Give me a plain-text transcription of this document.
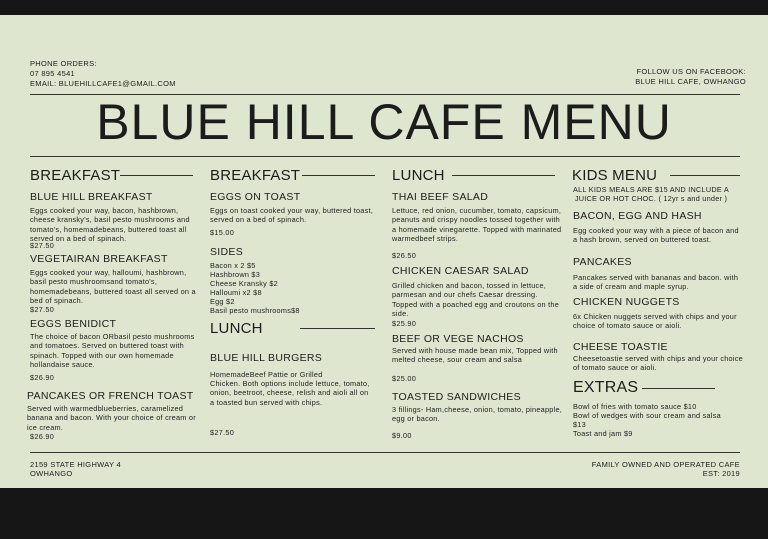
PHONE ORDERS:
07 895 4541
EMAIL: BLUEHILLCAFE1@GMAIL.COM
FOLLOW US ON FACEBOOK:
BLUE HILL CAFE, OWHANGO
BLUE HILL CAFE MENU
BREAKFAST
BLUE HILL BREAKFAST
Eggs cooked your way, bacon, hashbrown, cheese kransky's, basil pesto mushrooms and tomato's, homemadebeans, buttered toast all served on a bed of spinach.
$27.50
VEGETAIRAN BREAKFAST
Eggs cooked your way, halloumi, hashbrown, basil pesto mushroomsand tomato's, homemadebeans, buttered toast all served on a bed of spinach.
$27.50
EGGS BENIDICT
The choice of bacon ORbasil pesto mushrooms and tomatoes. Served on buttered toast with spinach. Topped with our own homemade hollandaise sauce.
$26.90
PANCAKES OR FRENCH TOAST
Served with warmedblueberries, caramelized banana and bacon. With your choice of cream or ice cream.
$26.90
BREAKFAST
EGGS ON TOAST
Eggs on toast cooked your way, buttered toast, served on a bed of spinach.
$15.00
SIDES
Bacon x 2 $5
Hashbrown $3
Cheese Kransky $2
Halloumi x2 $8
Egg $2
Basil pesto mushrooms$8
LUNCH
BLUE HILL BURGERS
HomemadeBeef Pattie or Grilled
Chicken. Both options include lettuce, tomato, onion, beetroot, cheese, relish and aioli all on a toasted bun served with chips.
$27.50
LUNCH
THAI BEEF SALAD
Lettuce, red onion, cucumber, tomato, capsicum, peanuts and crispy noodles tossed together with a homemade vinegarette. Topped with marinated warmedbeef strips.
$26.50
CHICKEN CAESAR SALAD
Grilled chicken and bacon, tossed in lettuce, parmesan and our chefs Caesar dressing. Topped with a poached egg and croutons on the side.
$25.90
BEEF OR VEGE NACHOS
Served with house made bean mix, Topped with melted cheese, sour cream and salsa
$25.00
TOASTED SANDWICHES
3 fillings- Ham,cheese, onion, tomato, pineapple, egg or bacon.
$9.00
KIDS MENU
ALL KIDS MEALS ARE $15 AND INCLUDE A JUICE OR HOT CHOC. ( 12yr s and under )
BACON, EGG AND HASH
Egg cooked your way with a piece of bacon and a hash brown, served on buttered toast.
PANCAKES
Pancakes served with bananas and bacon. with a side of cream and maple syrup.
CHICKEN NUGGETS
6x Chicken nuggets served with chips and your choice of tomato sauce or aioli.
CHEESE TOASTIE
Cheesetoastie served with chips and your choice of tomato sauce or aioli.
EXTRAS
Bowl of fries with tomato sauce $10
Bowl of wedges with sour cream and salsa $13
Toast and jam $9
2159 STATE HIGHWAY 4
OWHANGO
FAMILY OWNED AND OPERATED CAFE
EST: 2019
